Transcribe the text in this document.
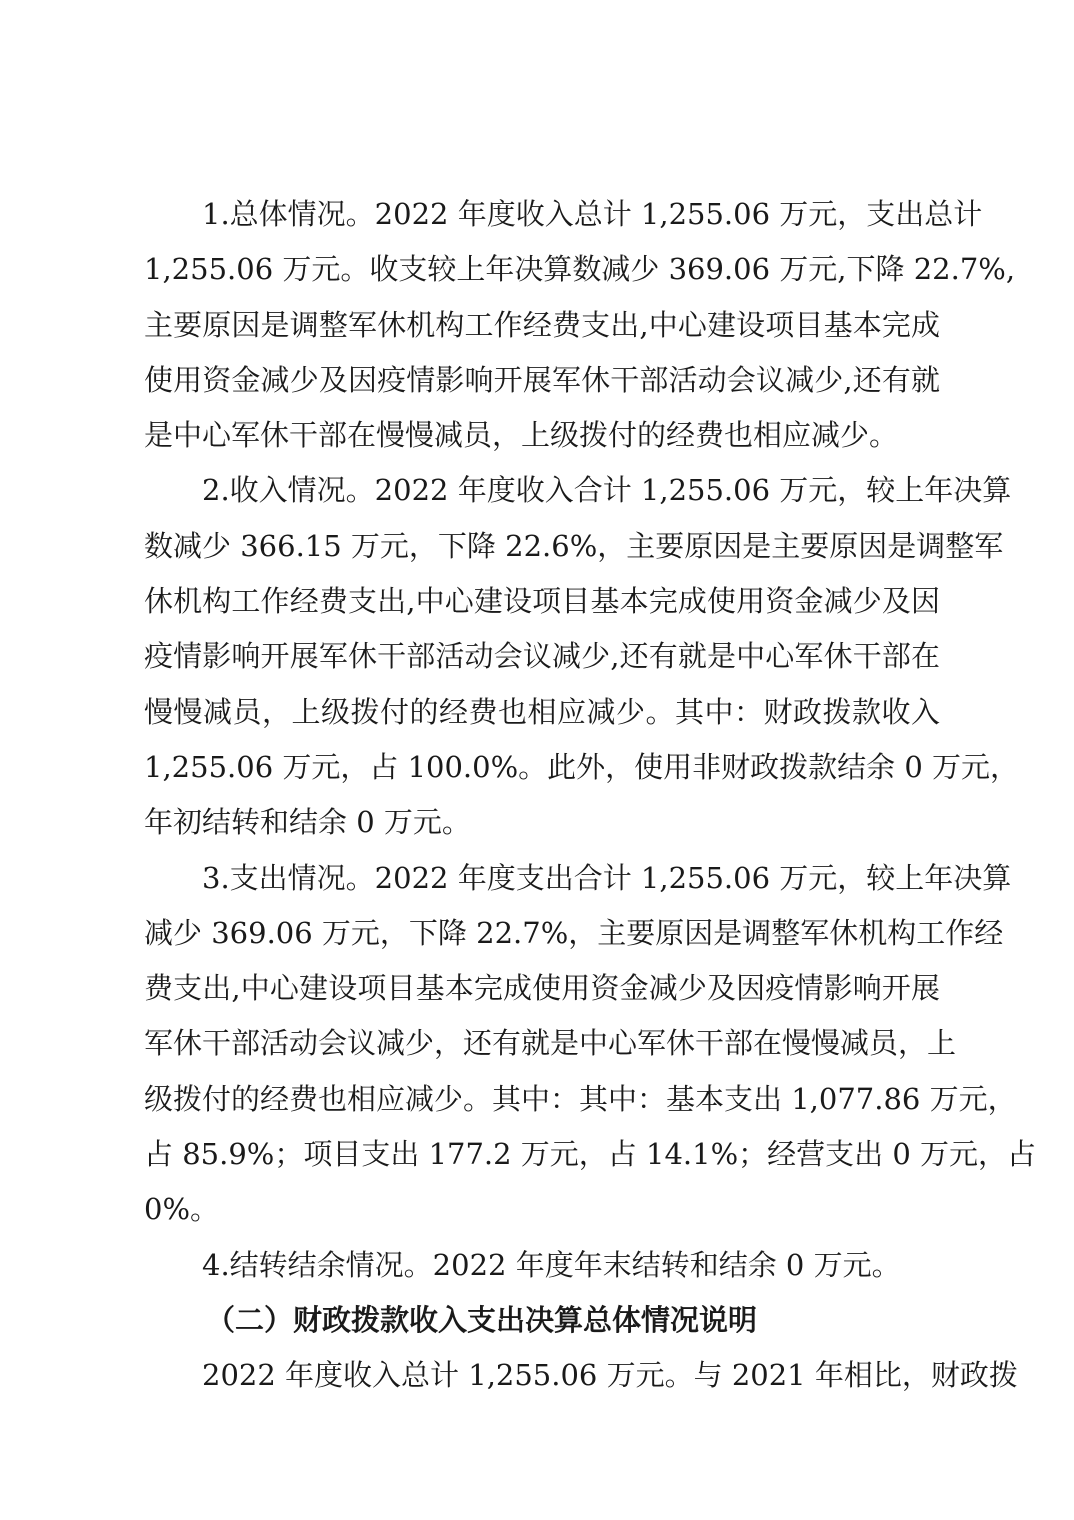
1.总体情况。2022 年度收入总计 1,255.06 万元，支出总计
1,255.06 万元。收支较上年决算数减少 369.06 万元,下降 22.7%,
主要原因是调整军休机构工作经费支出,中心建设项目基本完成
使用资金减少及因疫情影响开展军休干部活动会议减少,还有就
是中心军休干部在慢慢减员，上级拨付的经费也相应减少。
2.收入情况。2022 年度收入合计 1,255.06 万元，较上年决算
数减少 366.15 万元，下降 22.6%，主要原因是主要原因是调整军
休机构工作经费支出,中心建设项目基本完成使用资金减少及因
疫情影响开展军休干部活动会议减少,还有就是中心军休干部在
慢慢减员，上级拨付的经费也相应减少。其中：财政拨款收入
1,255.06 万元，占 100.0%。此外，使用非财政拨款结余 0 万元，
年初结转和结余 0 万元。
3.支出情况。2022 年度支出合计 1,255.06 万元，较上年决算
减少 369.06 万元，下降 22.7%，主要原因是调整军休机构工作经
费支出,中心建设项目基本完成使用资金减少及因疫情影响开展
军休干部活动会议减少，还有就是中心军休干部在慢慢减员，上
级拨付的经费也相应减少。其中：其中：基本支出 1,077.86 万元，
占 85.9%；项目支出 177.2 万元，占 14.1%；经营支出 0 万元，占
0%。
4.结转结余情况。2022 年度年末结转和结余 0 万元。
（二）财政拨款收入支出决算总体情况说明
2022 年度收入总计 1,255.06 万元。与 2021 年相比，财政拨
